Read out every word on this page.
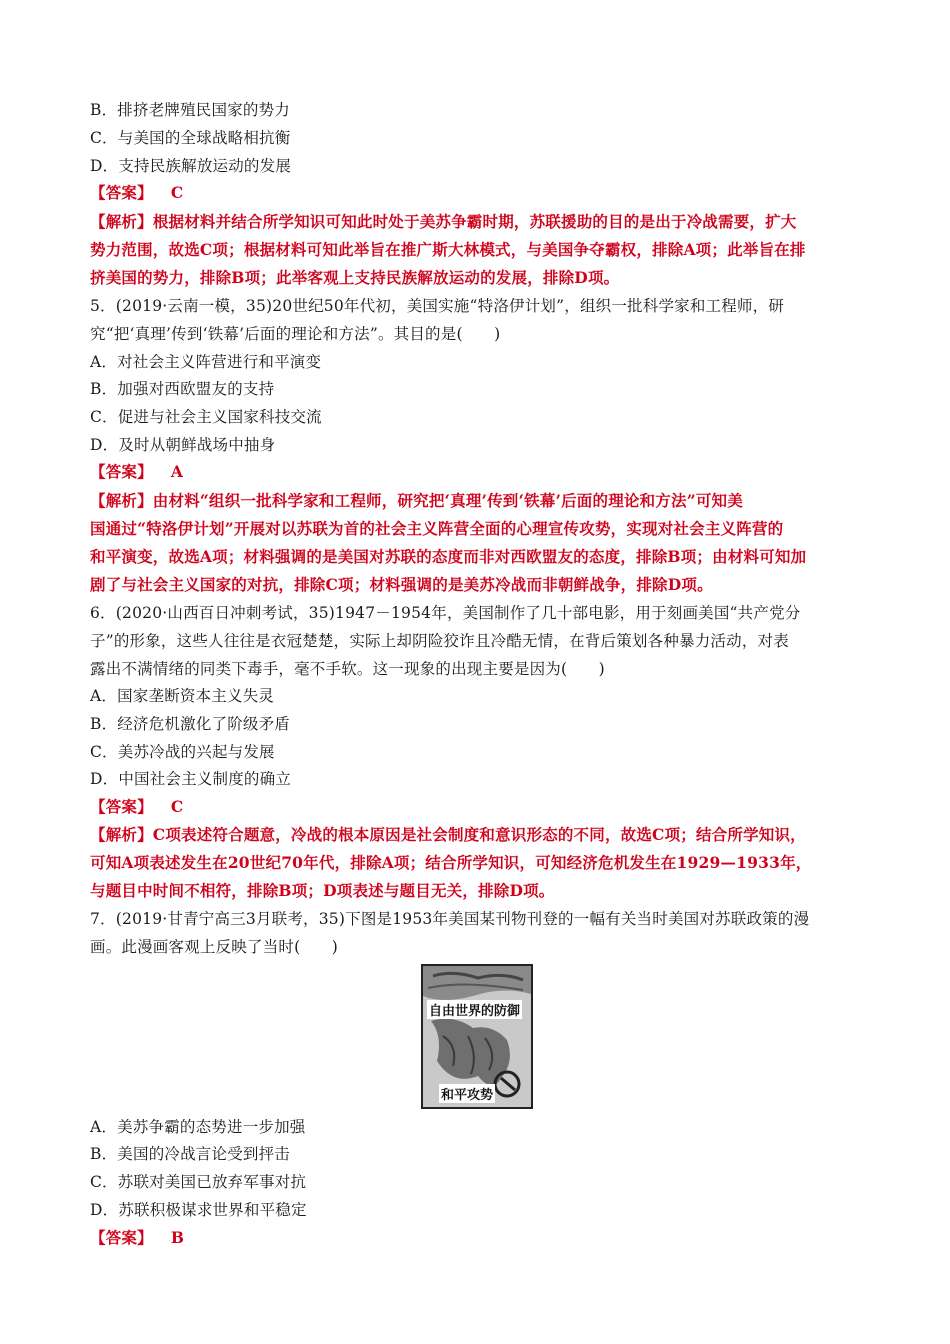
B．排挤老牌殖民国家的势力
C．与美国的全球战略相抗衡
D．支持民族解放运动的发展
【答案】 C
【解析】根据材料并结合所学知识可知此时处于美苏争霸时期，苏联援助的目的是出于冷战需要，扩大
势力范围，故选C项；根据材料可知此举旨在推广斯大林模式，与美国争夺霸权，排除A项；此举旨在排
挤美国的势力，排除B项；此举客观上支持民族解放运动的发展，排除D项。
5．(2019·云南一模，35)20世纪50年代初，美国实施“特洛伊计划”，组织一批科学家和工程师，研
究“把‘真理’传到‘铁幕’后面的理论和方法”。其目的是(　　)
A．对社会主义阵营进行和平演变
B．加强对西欧盟友的支持
C．促进与社会主义国家科技交流
D．及时从朝鲜战场中抽身
【答案】 A
【解析】由材料“组织一批科学家和工程师，研究把‘真理’传到‘铁幕’后面的理论和方法”可知美
国通过“特洛伊计划”开展对以苏联为首的社会主义阵营全面的心理宣传攻势，实现对社会主义阵营的
和平演变，故选A项；材料强调的是美国对苏联的态度而非对西欧盟友的态度，排除B项；由材料可知加
剧了与社会主义国家的对抗，排除C项；材料强调的是美苏冷战而非朝鲜战争，排除D项。
6．(2020·山西百日冲刺考试，35)1947－1954年，美国制作了几十部电影，用于刻画美国“共产党分
子”的形象，这些人往往是衣冠楚楚，实际上却阴险狡诈且冷酷无情，在背后策划各种暴力活动，对表
露出不满情绪的同类下毒手，毫不手软。这一现象的出现主要是因为(　　)
A．国家垄断资本主义失灵
B．经济危机激化了阶级矛盾
C．美苏冷战的兴起与发展
D．中国社会主义制度的确立
【答案】 C
【解析】C项表述符合题意，冷战的根本原因是社会制度和意识形态的不同，故选C项；结合所学知识，
可知A项表述发生在20世纪70年代，排除A项；结合所学知识，可知经济危机发生在1929—1933年，
与题目中时间不相符，排除B项；D项表述与题目无关，排除D项。
7．(2019·甘青宁高三3月联考，35)下图是1953年美国某刊物刊登的一幅有关当时美国对苏联政策的漫
画。此漫画客观上反映了当时(　　)
自由世界的防御
和平攻势
A．美苏争霸的态势进一步加强
B．美国的冷战言论受到抨击
C．苏联对美国已放弃军事对抗
D．苏联积极谋求世界和平稳定
【答案】 B
